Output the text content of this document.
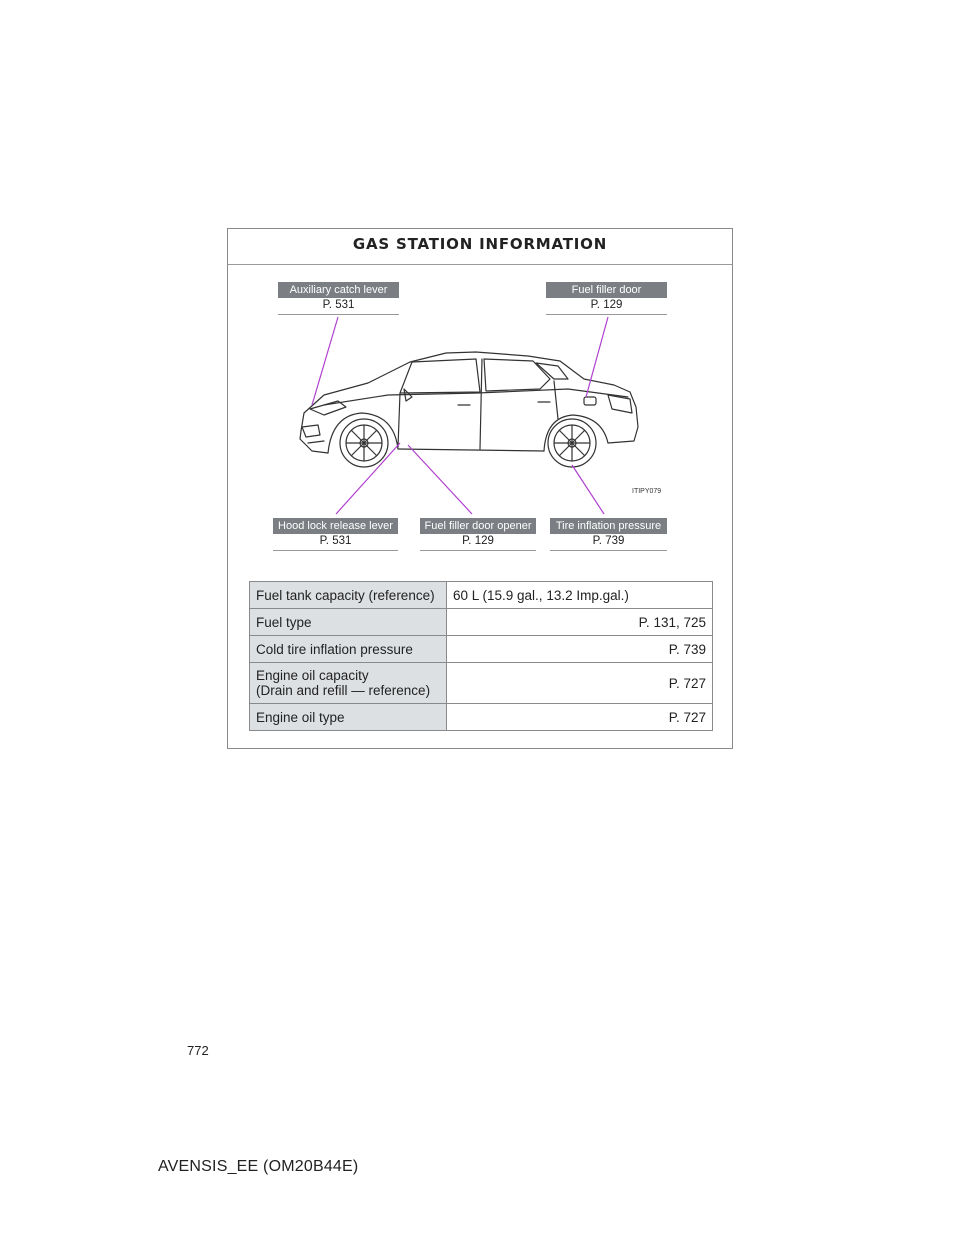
GAS STATION INFORMATION
ITIPY079
Auxiliary catch lever
P. 531
Fuel filler door
P. 129
Hood lock release lever
P. 531
Fuel filler door opener
P. 129
Tire inflation pressure
P. 739
Fuel tank capacity (reference)	60 L (15.9 gal., 13.2 Imp.gal.)
Fuel type	P. 131, 725
Cold tire inflation pressure	P. 739

Engine oil capacity
(Drain and refill — reference)	P. 727
Engine oil type	P. 727
772
AVENSIS_EE (OM20B44E)
